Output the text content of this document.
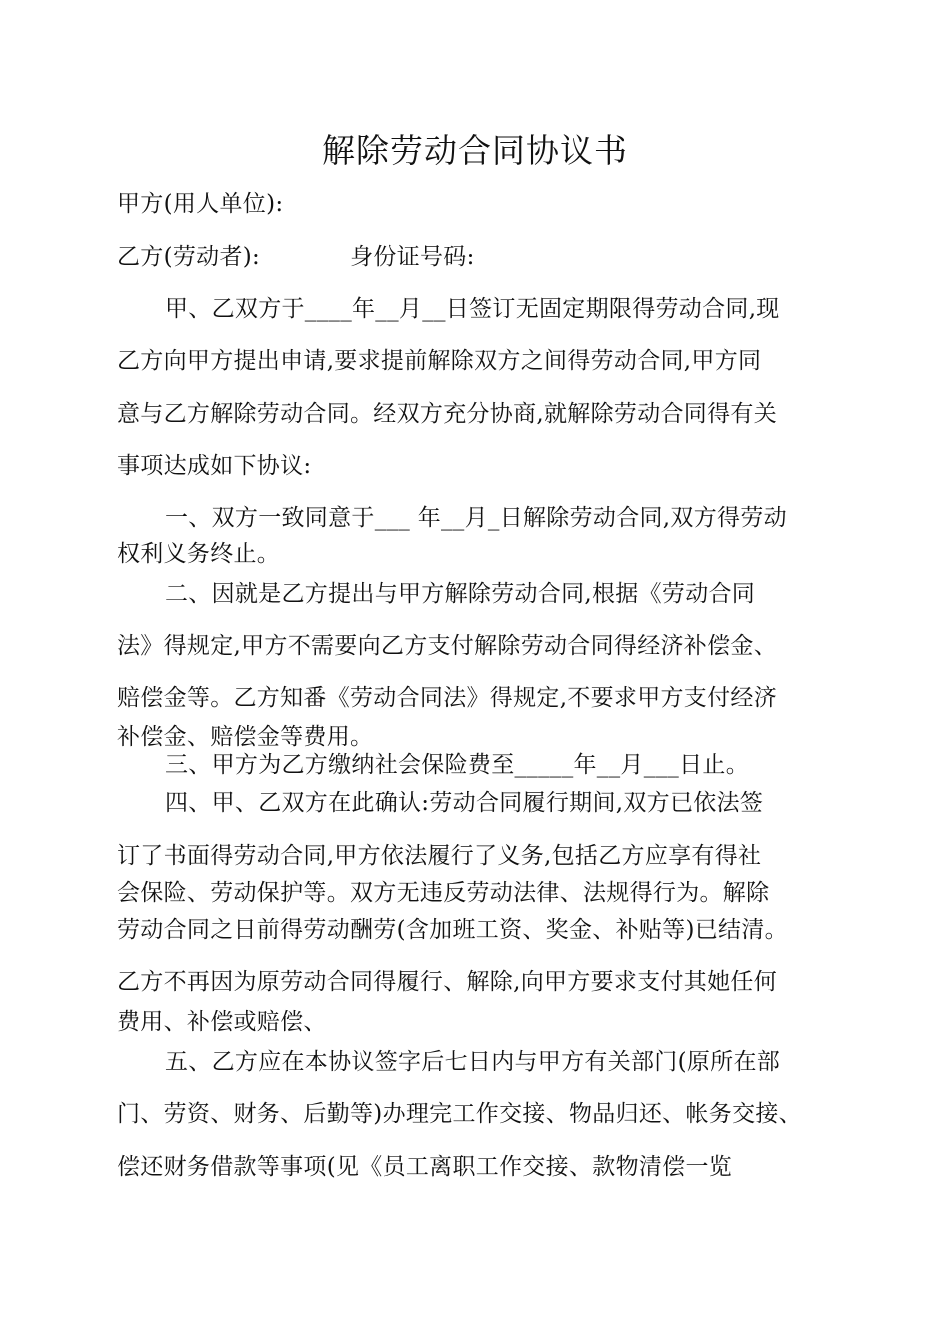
解除劳动合同协议书
甲方(用人单位):
乙方(劳动者):	身份证号码:
甲、乙双方于____年__月__日签订无固定期限得劳动合同,现
乙方向甲方提出申请,要求提前解除双方之间得劳动合同,甲方同
意与乙方解除劳动合同。经双方充分协商,就解除劳动合同得有关
事项达成如下协议:
一、双方一致同意于___ 年__月_日解除劳动合同,双方得劳动
权利义务终止。
二、因就是乙方提出与甲方解除劳动合同,根据《劳动合同
法》得规定,甲方不需要向乙方支付解除劳动合同得经济补偿金、
赔偿金等。乙方知番《劳动合同法》得规定,不要求甲方支付经济
补偿金、赔偿金等费用。
三、甲方为乙方缴纳社会保险费至_____年__月___日止。
四、甲、乙双方在此确认:劳动合同履行期间,双方已依法签
订了书面得劳动合同,甲方依法履行了义务,包括乙方应享有得社
会保险、劳动保护等。双方无违反劳动法律、法规得行为。解除
劳动合同之日前得劳动酬劳(含加班工资、奖金、补贴等)已结清。
乙方不再因为原劳动合同得履行、解除,向甲方要求支付其她任何
费用、补偿或赔偿、
五、乙方应在本协议签字后七日内与甲方有关部门(原所在部
门、劳资、财务、后勤等)办理完工作交接、物品归还、帐务交接、
偿还财务借款等事项(见《员工离职工作交接、款物清偿一览
